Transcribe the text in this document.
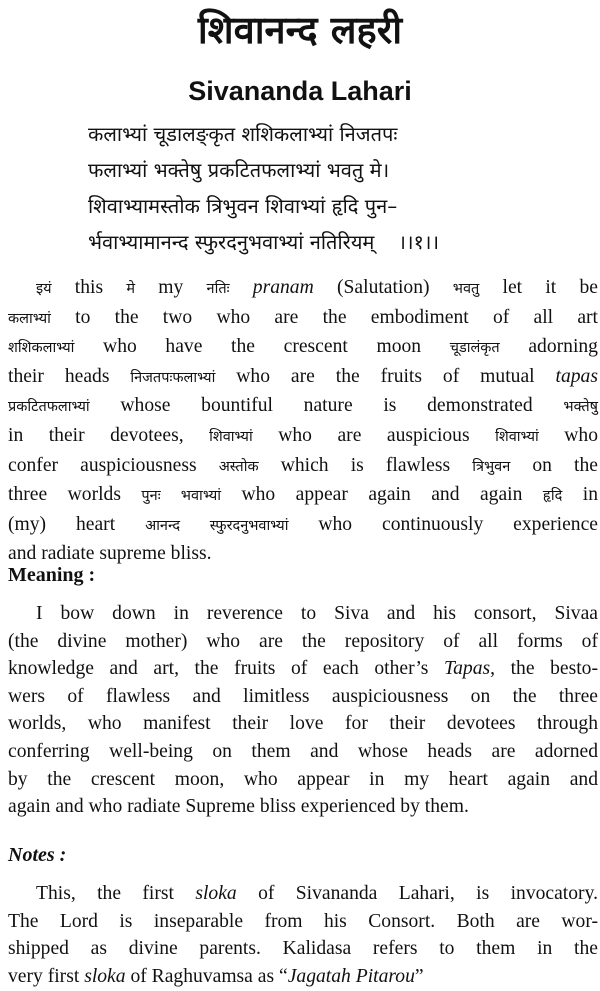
शिवानन्द लहरी
Sivananda Lahari
कलाभ्यां चूडालङ्कृत शशिकलाभ्यां निजतपः
फलाभ्यां भक्तेषु प्रकटितफलाभ्यां भवतु मे।
शिवाभ्यामस्तोक त्रिभुवन शिवाभ्यां हृदि पुन–
र्भवाभ्यामानन्द स्फुरदनुभवाभ्यां नतिरियम् ।।१।।
इयं this मे my नतिः pranam (Salutation) भवतु let it be
कलाभ्यां to the two who are the embodiment of all art
शशिकलाभ्यां who have the crescent moon चूडालंकृत adorning
their heads निजतपःफलाभ्यां who are the fruits of mutual tapas
प्रकटितफलाभ्यां whose bountiful nature is demonstrated भक्तेषु
in their devotees, शिवाभ्यां who are auspicious शिवाभ्यां who
confer auspiciousness अस्तोक which is flawless त्रिभुवन on the
three worlds पुनः भवाभ्यां who appear again and again हृदि in
(my) heart आनन्द स्फुरदनुभवाभ्यां who continuously experience
and radiate supreme bliss.
Meaning :
I bow down in reverence to Siva and his consort, Sivaa
(the divine mother) who are the repository of all forms of
knowledge and art, the fruits of each other’s Tapas, the besto-
wers of flawless and limitless auspiciousness on the three
worlds, who manifest their love for their devotees through
conferring well-being on them and whose heads are adorned
by the crescent moon, who appear in my heart again and
again and who radiate Supreme bliss experienced by them.
Notes :
This, the first sloka of Sivananda Lahari, is invocatory.
The Lord is inseparable from his Consort. Both are wor-
shipped as divine parents. Kalidasa refers to them in the
very first sloka of Raghuvamsa as “Jagatah Pitarou”
